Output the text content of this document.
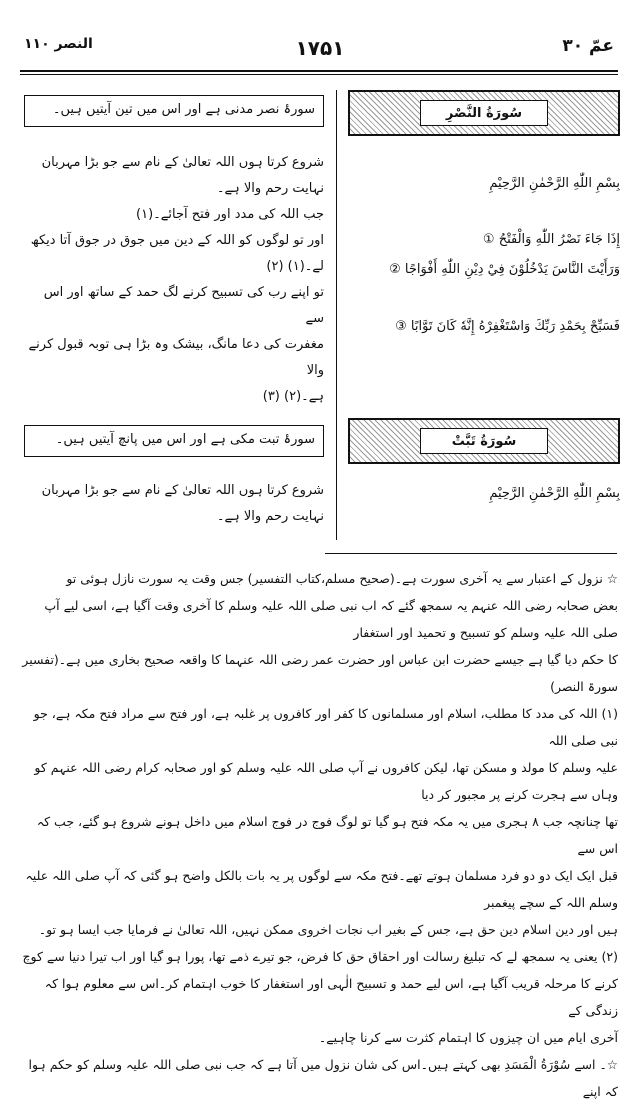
النصر ۱۱۰	۱۷۵۱	عمّ ۳۰
سُورَةُ النَّصْرِ
سورۂ نصر مدنی ہے اور اس میں تین آیتیں ہیں۔
بِسْمِ اللّٰهِ الرَّحْمٰنِ الرَّحِيْمِ
إِذَا جَاءَ نَصْرُ اللّٰهِ وَالْفَتْحُ ①
وَرَأَيْتَ النَّاسَ يَدْخُلُوْنَ فِيْ دِيْنِ اللّٰهِ أَفْوَاجًا ②
فَسَبِّحْ بِحَمْدِ رَبِّكَ وَاسْتَغْفِرْهُ إِنَّهٗ كَانَ تَوَّابًا ③
شروع کرتا ہوں اللہ تعالیٰ کے نام سے جو بڑا مہربان
نہایت رحم والا ہے۔
جب اللہ کی مدد اور فتح آجائے۔(۱)
اور تو لوگوں کو اللہ کے دین میں جوق در جوق آتا دیکھ
لے۔(۱) (۲)
تو اپنے رب کی تسبیح کرنے لگ حمد کے ساتھ اور اس سے
مغفرت کی دعا مانگ، بیشک وہ بڑا ہی توبہ قبول کرنے والا
ہے۔(۲) (۳)
سُورَةُ تَبَّتْ
سورۂ تبت مکی ہے اور اس میں پانچ آیتیں ہیں۔
بِسْمِ اللّٰهِ الرَّحْمٰنِ الرَّحِيْمِ
شروع کرتا ہوں اللہ تعالیٰ کے نام سے جو بڑا مہربان
نہایت رحم والا ہے۔

☆ نزول کے اعتبار سے یہ آخری سورت ہے۔(صحیح مسلم،کتاب التفسیر) جس وقت یہ سورت نازل ہوئی تو

بعض صحابہ رضی اللہ عنہم یہ سمجھ گئے کہ اب نبی صلی اللہ علیہ وسلم کا آخری وقت آگیا ہے، اسی لیے آپ صلی اللہ علیہ وسلم کو تسبیح و تحمید اور استغفار

کا حکم دیا گیا ہے جیسے حضرت ابن عباس اور حضرت عمر رضی اللہ عنہما کا واقعہ صحیح بخاری میں ہے۔(تفسیر سورۃ النصر)

(۱) اللہ کی مدد کا مطلب، اسلام اور مسلمانوں کا کفر اور کافروں پر غلبہ ہے، اور فتح سے مراد فتح مکہ ہے، جو نبی صلی اللہ

علیہ وسلم کا مولد و مسکن تھا، لیکن کافروں نے آپ صلی اللہ علیہ وسلم کو اور صحابہ کرام رضی اللہ عنہم کو وہاں سے ہجرت کرنے پر مجبور کر دیا

تھا چنانچہ جب ۸ ہجری میں یہ مکہ فتح ہو گیا تو لوگ فوج در فوج اسلام میں داخل ہونے شروع ہو گئے، جب کہ اس سے

قبل ایک ایک دو دو فرد مسلمان ہوتے تھے۔فتح مکہ سے لوگوں پر یہ بات بالکل واضح ہو گئی کہ آپ صلی اللہ علیہ وسلم اللہ کے سچے پیغمبر

ہیں اور دین اسلام دین حق ہے، جس کے بغیر اب نجات اخروی ممکن نہیں، اللہ تعالیٰ نے فرمایا جب ایسا ہو تو۔

(۲) یعنی یہ سمجھ لے کہ تبلیغ رسالت اور احقاق حق کا فرض، جو تیرے ذمے تھا، پورا ہو گیا اور اب تیرا دنیا سے کوچ

کرنے کا مرحلہ قریب آگیا ہے، اس لیے حمد و تسبیح الٰہی اور استغفار کا خوب اہتمام کر۔اس سے معلوم ہوا کہ زندگی کے

آخری ایام میں ان چیزوں کا اہتمام کثرت سے کرنا چاہیے۔

☆۔ اسے سُوْرَةُ الْمَسَدِ بھی کہتے ہیں۔اس کی شان نزول میں آتا ہے کہ جب نبی صلی اللہ علیہ وسلم کو حکم ہوا کہ اپنے
